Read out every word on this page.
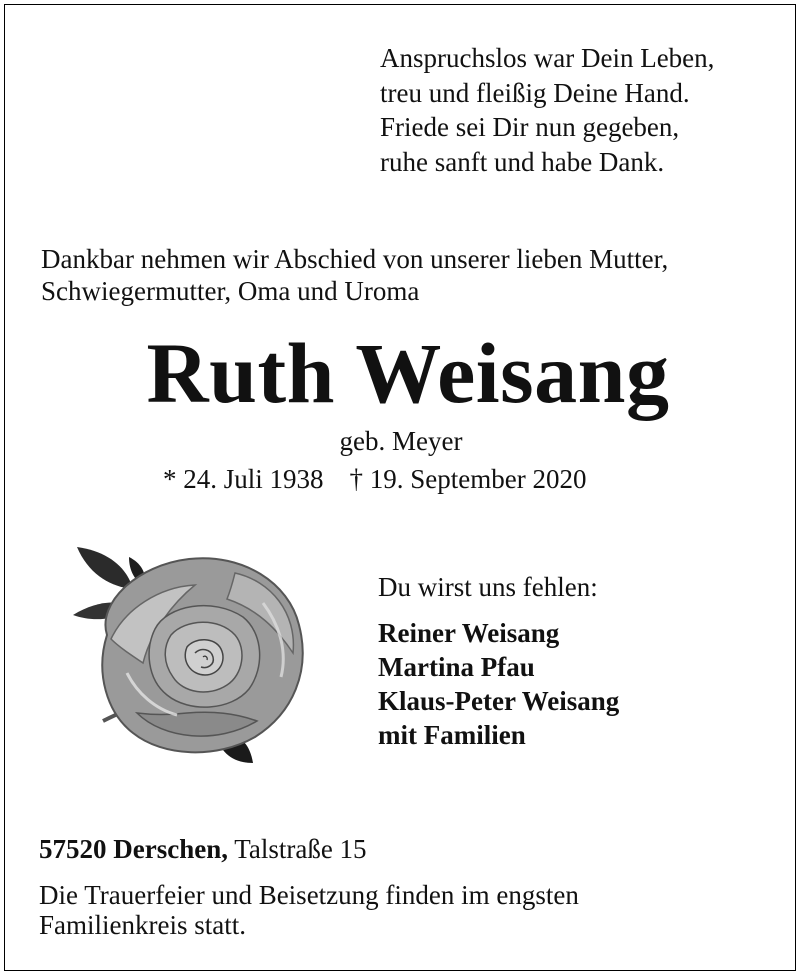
Anspruchslos war Dein Leben,
treu und fleißig Deine Hand.
Friede sei Dir nun gegeben,
ruhe sanft und habe Dank.
Dankbar nehmen wir Abschied von unserer lieben Mutter,
Schwiegermutter, Oma und Uroma
Ruth Weisang
geb. Meyer
* 24. Juli 1938 † 19. September 2020
Du wirst uns fehlen:
Reiner Weisang
Martina Pfau
Klaus-Peter Weisang
mit Familien
57520 Derschen, Talstraße 15
Die Trauerfeier und Beisetzung finden im engsten
Familienkreis statt.
